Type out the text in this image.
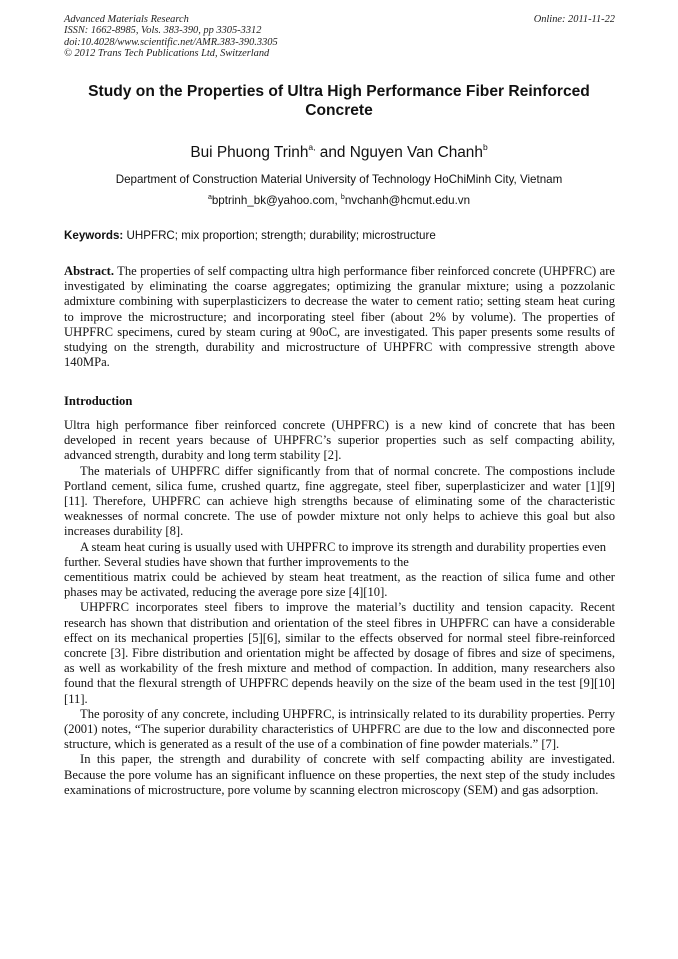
Advanced Materials Research
ISSN: 1662-8985, Vols. 383-390, pp 3305-3312
doi:10.4028/www.scientific.net/AMR.383-390.3305
© 2012 Trans Tech Publications Ltd, Switzerland
Online: 2011-11-22
Study on the Properties of Ultra High Performance Fiber Reinforced Concrete
Bui Phuong Trinh$^{a,}$ and Nguyen Van Chanh$^b$
Department of Construction Material University of Technology HoChiMinh City, Vietnam
$^a$bptrinh_bk@yahoo.com, $^b$nvchanh@hcmut.edu.vn
Keywords: UHPFRC; mix proportion; strength; durability; microstructure
Abstract. The properties of self compacting ultra high performance fiber reinforced concrete (UHPFRC) are investigated by eliminating the coarse aggregates; optimizing the granular mixture; using a pozzolanic admixture combining with superplasticizers to decrease the water to cement ratio; setting steam heat curing to improve the microstructure; and incorporating steel fiber (about 2% by volume). The properties of UHPFRC specimens, cured by steam curing at 90oC, are investigated. This paper presents some results of studying on the strength, durability and microstructure of UHPFRC with compressive strength above 140MPa.
Introduction

Ultra high performance fiber reinforced concrete (UHPFRC) is a new kind of concrete that has been developed in recent years because of UHPFRC’s superior properties such as self compacting ability, advanced strength, durabity and long term stability [2].

The materials of UHPFRC differ significantly from that of normal concrete. The compostions include Portland cement, silica fume, crushed quartz, fine aggregate, steel fiber, superplasticizer and water [1][9][11]. Therefore, UHPFRC can achieve high strengths because of eliminating some of the characteristic weaknesses of normal concrete. The use of powder mixture not only helps to achieve this goal but also increases durability [8].

A steam heat curing is usually used with UHPFRC to improve its strength and durability properties even further. Several studies have shown that further improvements to the

cementitious matrix could be achieved by steam heat treatment, as the reaction of silica fume and other phases may be activated, reducing the average pore size [4][10].

UHPFRC incorporates steel fibers to improve the material’s ductility and tension capacity. Recent research has shown that distribution and orientation of the steel fibres in UHPFRC can have a considerable effect on its mechanical properties [5][6], similar to the effects observed for normal steel fibre-reinforced concrete [3]. Fibre distribution and orientation might be affected by dosage of fibres and size of specimens, as well as workability of the fresh mixture and method of compaction. In addition, many researchers also found that the flexural strength of UHPFRC depends heavily on the size of the beam used in the test [9][10][11].

The porosity of any concrete, including UHPFRC, is intrinsically related to its durability properties. Perry (2001) notes, “The superior durability characteristics of UHPFRC are due to the low and disconnected pore structure, which is generated as a result of the use of a combination of fine powder materials.” [7].

In this paper, the strength and durability of concrete with self compacting ability are investigated. Because the pore volume has an significant influence on these properties, the next step of the study includes examinations of microstructure, pore volume by scanning electron microscopy (SEM) and gas adsorption.
